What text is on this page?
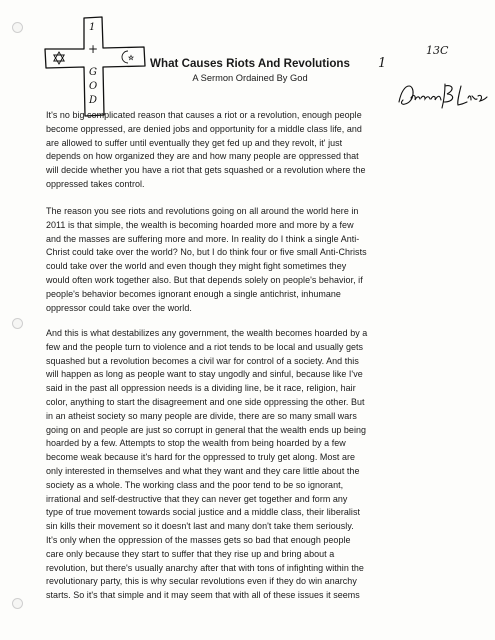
1
+
G
O
D
What Causes Riots And Revolutions
A Sermon Ordained By God
13C
1
It's no big complicated reason that causes a riot or a revolution, enough people
become oppressed, are denied jobs and opportunity for a middle class life, and
are allowed to suffer until eventually they get fed up and they revolt, it' just
depends on how organized they are and how many people are oppressed that
will decide whether you have a riot that gets squashed or a revolution where the
oppressed takes control.
The reason you see riots and revolutions going on all around the world here in
2011 is that simple, the wealth is becoming hoarded more and more by a few
and the masses are suffering more and more. In reality do I think a single Anti-
Christ could take over the world? No, but I do think four or five small Anti-Christs
could take over the world and even though they might fight sometimes they
would often work together also. But that depends solely on people's behavior, if
people's behavior becomes ignorant enough a single antichrist, inhumane
oppressor could take over the world.
And this is what destabilizes any government, the wealth becomes hoarded by a
few and the people turn to violence and a riot tends to be local and usually gets
squashed but a revolution becomes a civil war for control of a society. And this
will happen as long as people want to stay ungodly and sinful, because like I've
said in the past all oppression needs is a dividing line, be it race, religion, hair
color, anything to start the disagreement and one side oppressing the other. But
in an atheist society so many people are divide, there are so many small wars
going on and people are just so corrupt in general that the wealth ends up being
hoarded by a few. Attempts to stop the wealth from being hoarded by a few
become weak because it's hard for the oppressed to truly get along. Most are
only interested in themselves and what they want and they care little about the
society as a whole. The working class and the poor tend to be so ignorant,
irrational and self-destructive that they can never get together and form any
type of true movement towards social justice and a middle class, their liberalist
sin kills their movement so it doesn't last and many don't take them seriously.
It's only when the oppression of the masses gets so bad that enough people
care only because they start to suffer that they rise up and bring about a
revolution, but there's usually anarchy after that with tons of infighting within the
revolutionary party, this is why secular revolutions even if they do win anarchy
starts. So it's that simple and it may seem that with all of these issues it seems
